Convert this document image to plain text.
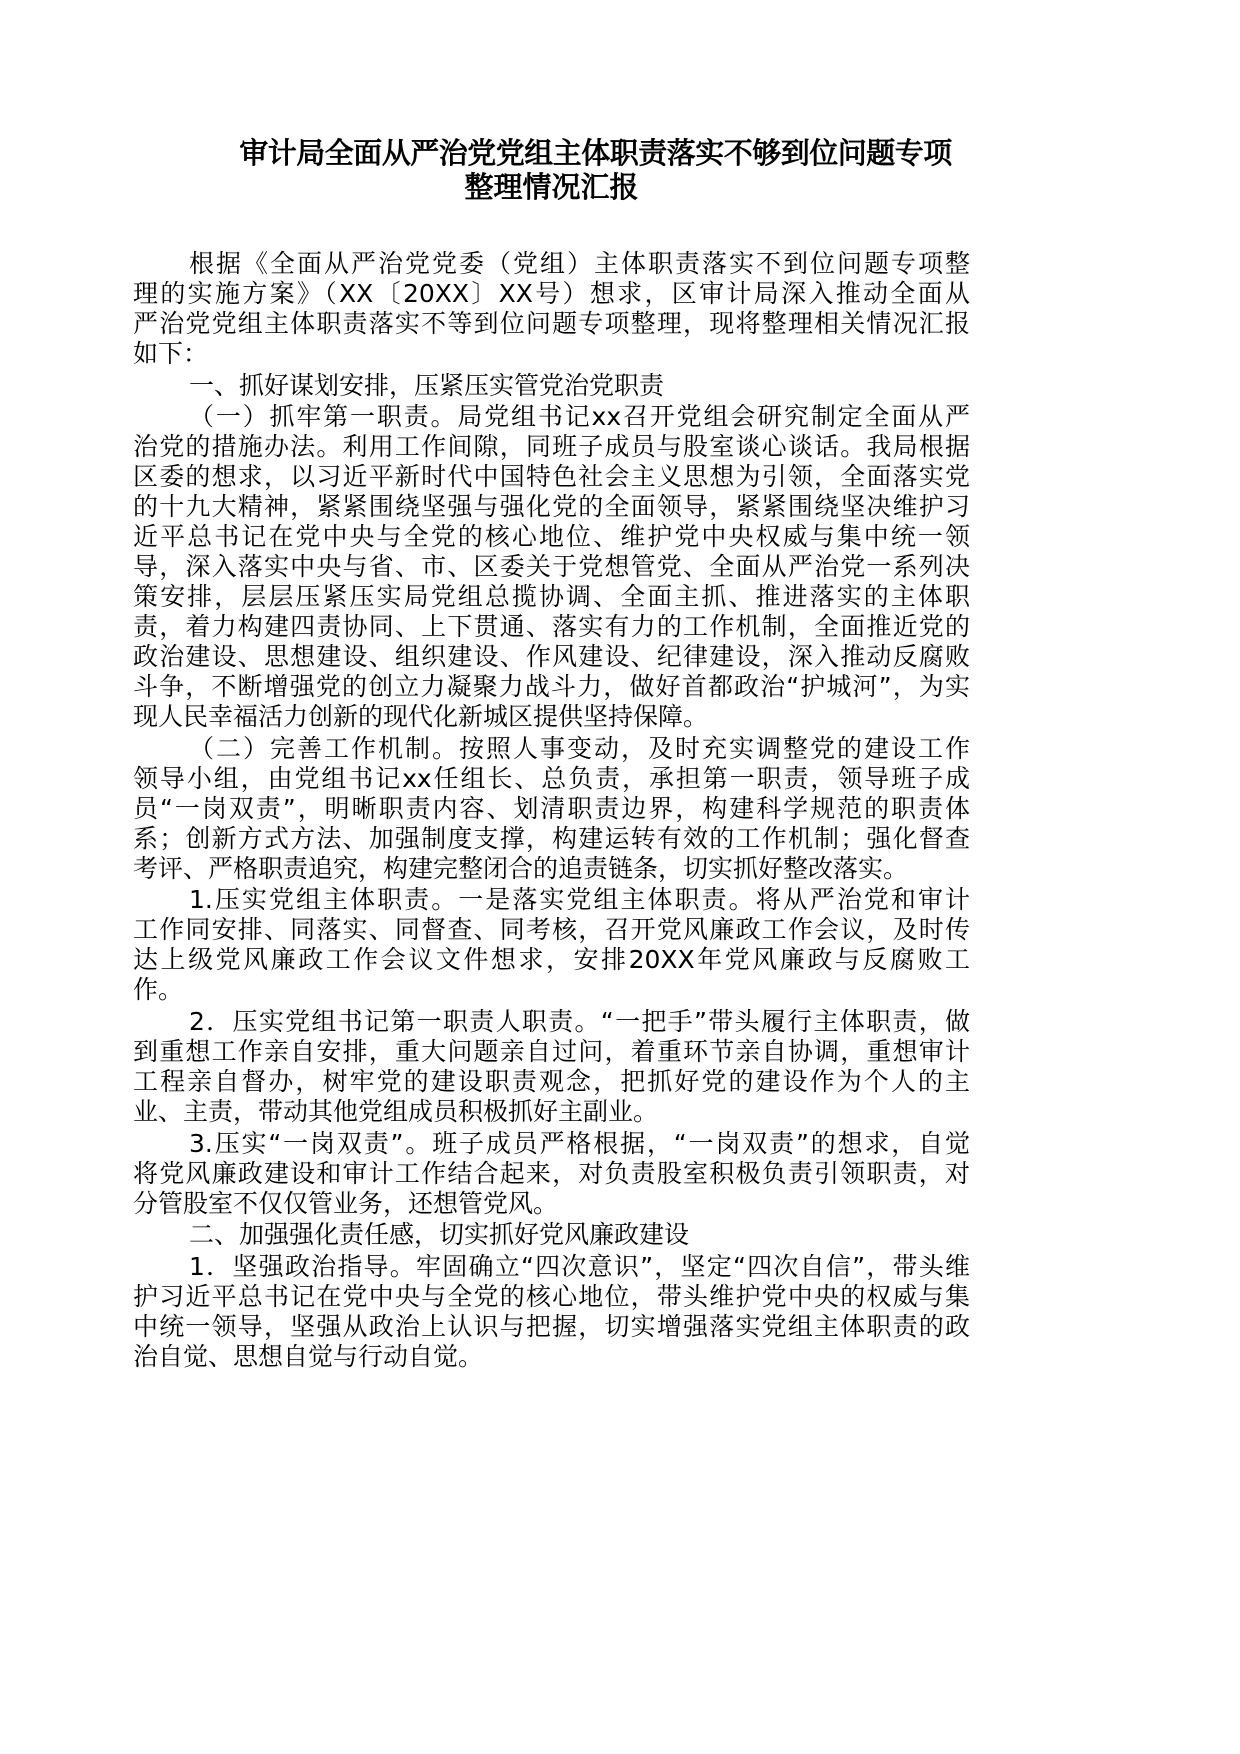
审计局全面从严治党党组主体职责落实不够到位问题专项
整理情况汇报
根据《全面从严治党党委（党组）主体职责落实不到位问题专项整
理的实施方案》（XX〔20XX〕XX号）想求，区审计局深入推动全面从
严治党党组主体职责落实不等到位问题专项整理，现将整理相关情况汇报
如下：
一、抓好谋划安排，压紧压实管党治党职责
（一）抓牢第一职责。局党组书记xx召开党组会研究制定全面从严
治党的措施办法。利用工作间隙，同班子成员与股室谈心谈话。我局根据
区委的想求，以习近平新时代中国特色社会主义思想为引领，全面落实党
的十九大精神，紧紧围绕坚强与强化党的全面领导，紧紧围绕坚决维护习
近平总书记在党中央与全党的核心地位、维护党中央权威与集中统一领
导，深入落实中央与省、市、区委关于党想管党、全面从严治党一系列决
策安排，层层压紧压实局党组总揽协调、全面主抓、推进落实的主体职
责，着力构建四责协同、上下贯通、落实有力的工作机制，全面推近党的
政治建设、思想建设、组织建设、作风建设、纪律建设，深入推动反腐败
斗争，不断增强党的创立力凝聚力战斗力，做好首都政治“护城河”，为实
现人民幸福活力创新的现代化新城区提供坚持保障。
（二）完善工作机制。按照人事变动，及时充实调整党的建设工作
领导小组，由党组书记xx任组长、总负责，承担第一职责，领导班子成
员“一岗双责”，明晰职责内容、划清职责边界，构建科学规范的职责体
系；创新方式方法、加强制度支撑，构建运转有效的工作机制；强化督查
考评、严格职责追究，构建完整闭合的追责链条，切实抓好整改落实。
1.压实党组主体职责。一是落实党组主体职责。将从严治党和审计
工作同安排、同落实、同督查、同考核，召开党风廉政工作会议，及时传
达上级党风廉政工作会议文件想求，安排20XX年党风廉政与反腐败工
作。
2．压实党组书记第一职责人职责。“一把手”带头履行主体职责，做
到重想工作亲自安排，重大问题亲自过问，着重环节亲自协调，重想审计
工程亲自督办，树牢党的建设职责观念，把抓好党的建设作为个人的主
业、主责，带动其他党组成员积极抓好主副业。
3.压实“一岗双责”。班子成员严格根据，“一岗双责”的想求，自觉
将党风廉政建设和审计工作结合起来，对负责股室积极负责引领职责，对
分管股室不仅仅管业务，还想管党风。
二、加强强化责任感，切实抓好党风廉政建设
1．坚强政治指导。牢固确立“四次意识”，坚定“四次自信”，带头维
护习近平总书记在党中央与全党的核心地位，带头维护党中央的权威与集
中统一领导，坚强从政治上认识与把握，切实增强落实党组主体职责的政
治自觉、思想自觉与行动自觉。
